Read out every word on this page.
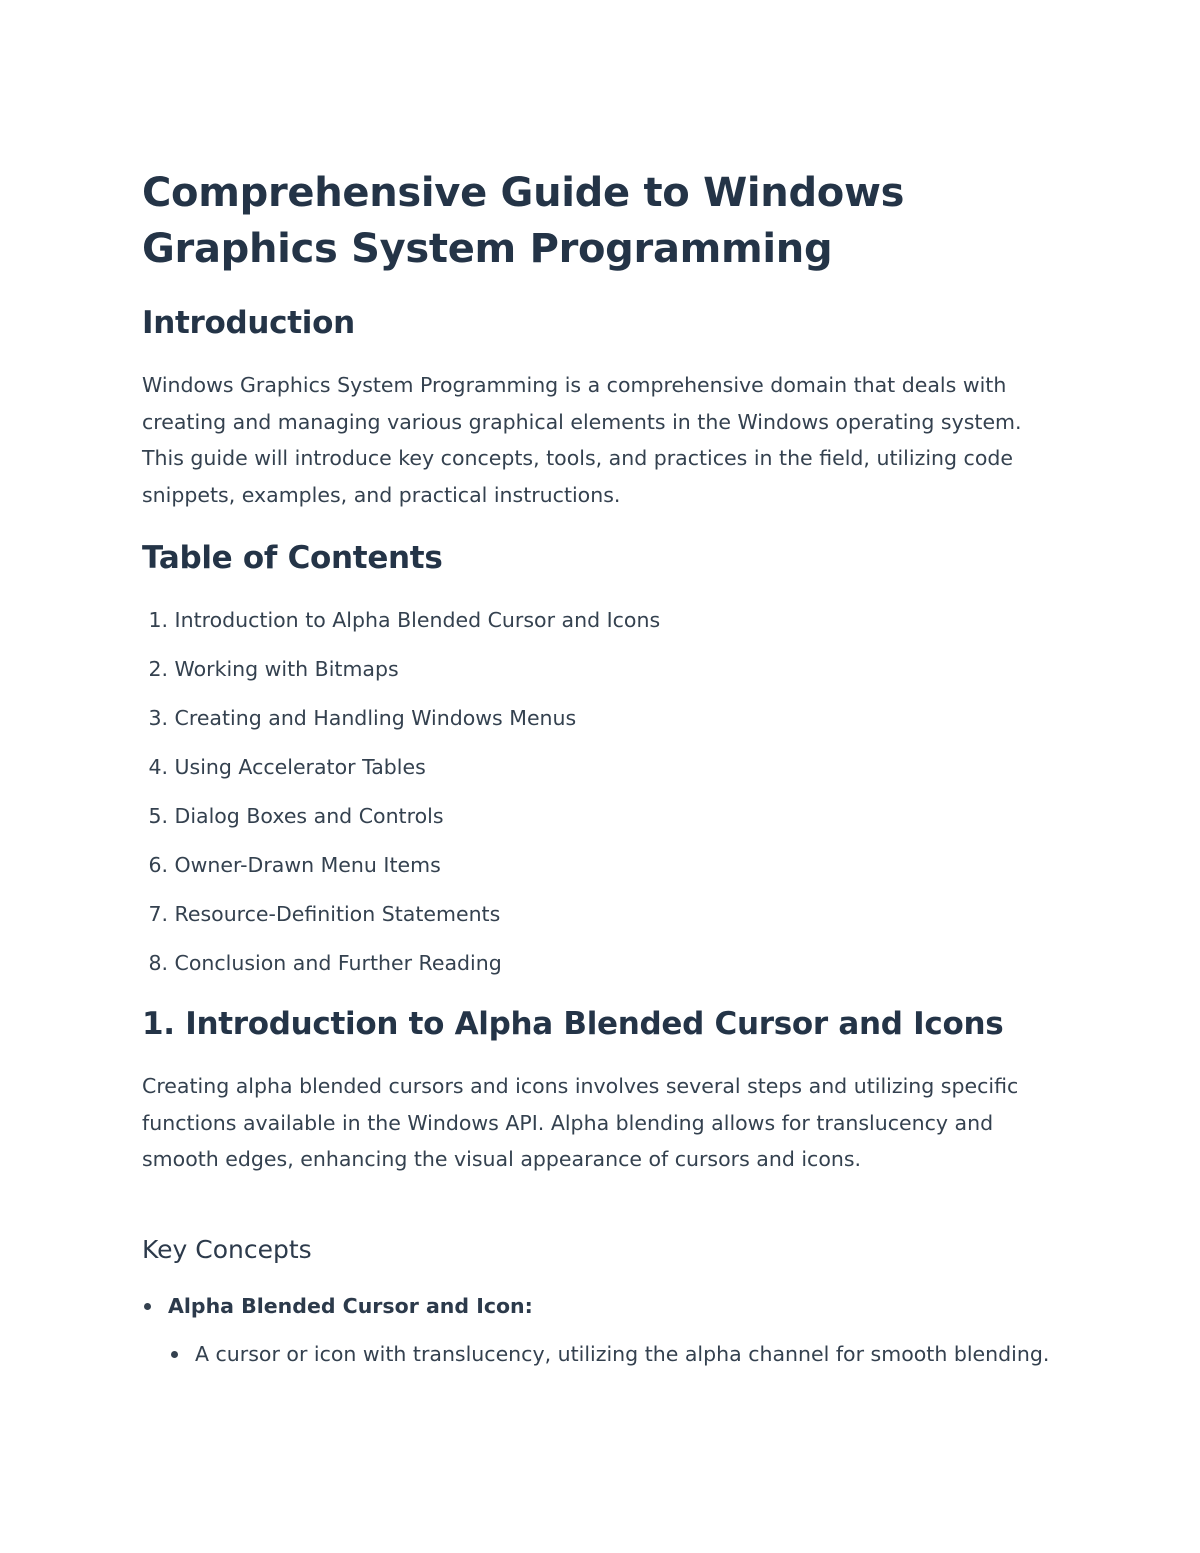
Comprehensive Guide to Windows Graphics System Programming
Introduction

Windows Graphics System Programming is a comprehensive domain that deals with creating and managing various graphical elements in the Windows operating system. This guide will introduce key concepts, tools, and practices in the field, utilizing code snippets, examples, and practical instructions.

Table of Contents
1. Introduction to Alpha Blended Cursor and Icons
2. Working with Bitmaps
3. Creating and Handling Windows Menus
4. Using Accelerator Tables
5. Dialog Boxes and Controls
6. Owner-Drawn Menu Items
7. Resource-Definition Statements
8. Conclusion and Further Reading
1. Introduction to Alpha Blended Cursor and Icons

Creating alpha blended cursors and icons involves several steps and utilizing specific functions available in the Windows API. Alpha blending allows for translucency and smooth edges, enhancing the visual appearance of cursors and icons.

Key Concepts
Alpha Blended Cursor and Icon:
A cursor or icon with translucency, utilizing the alpha channel for smooth blending.
